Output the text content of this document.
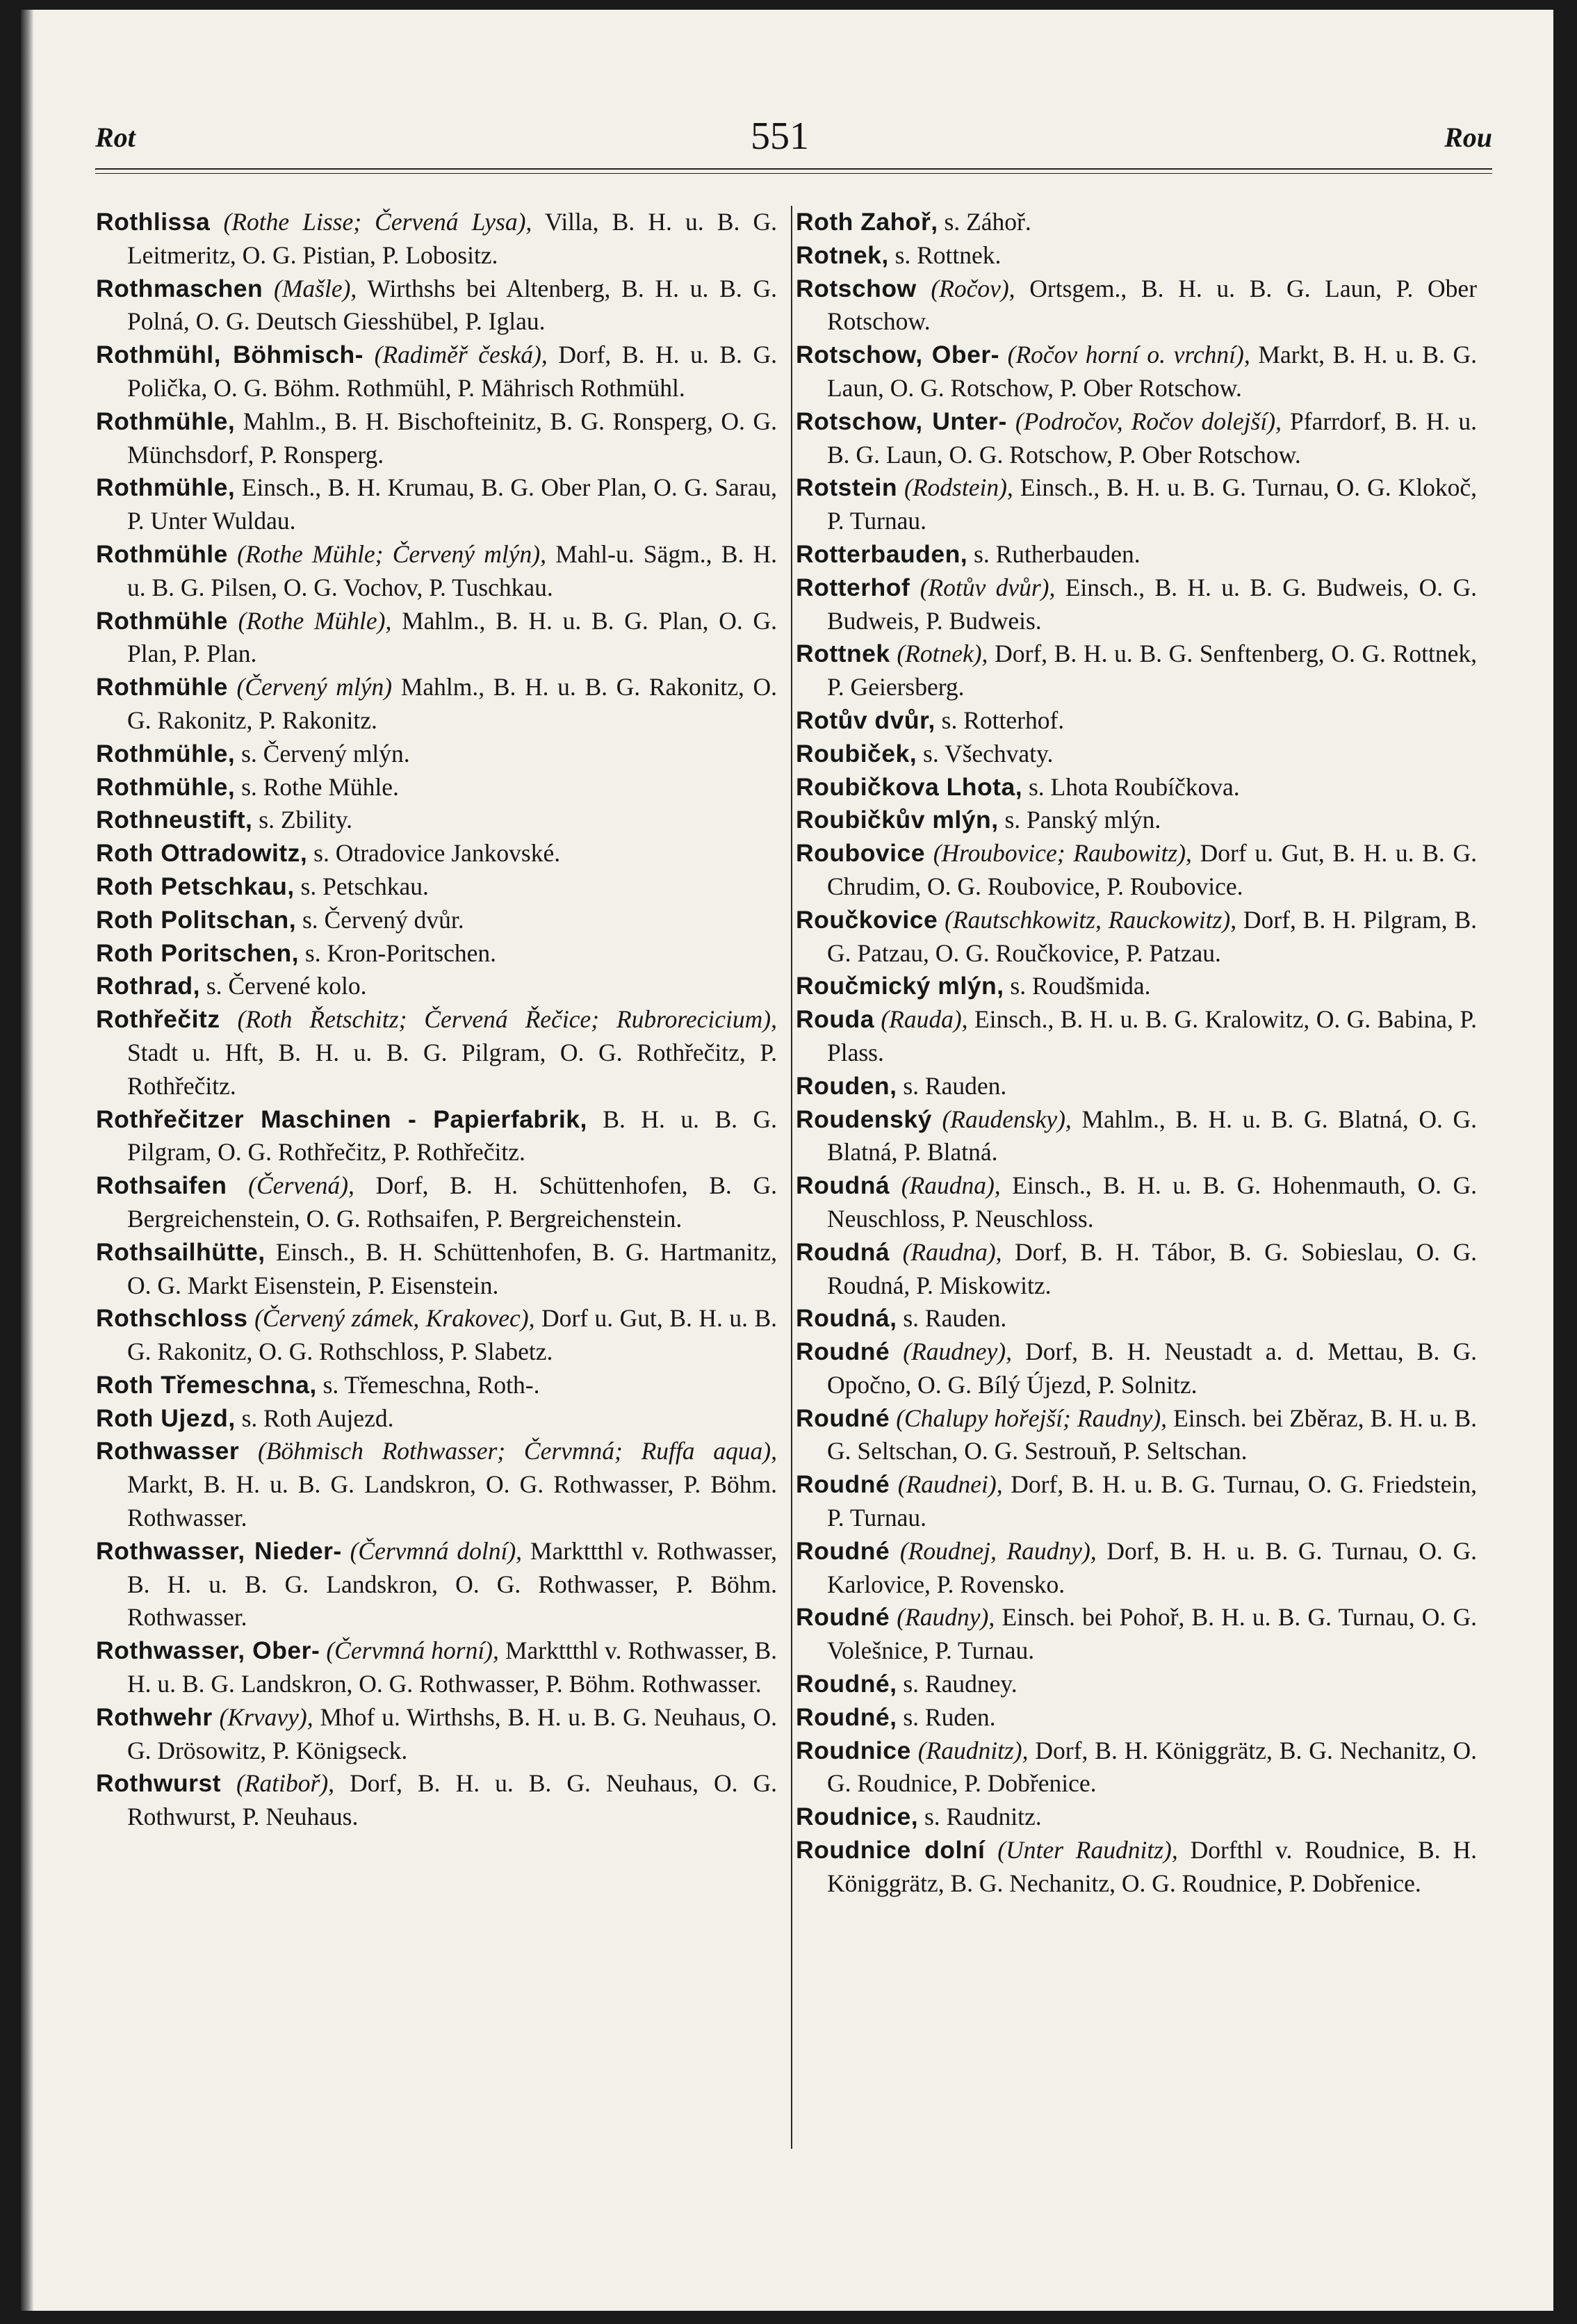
Rot	551	Rou
Rothlissa (Rothe Lisse; Červená Lysa), Villa, B. H. u. B. G. Leitmeritz, O. G. Pistian, P. Lobositz.
Rothmaschen (Mašle), Wirthshs bei Altenberg, B. H. u. B. G. Polná, O. G. Deutsch Giesshübel, P. Iglau.
Rothmühl, Böhmisch- (Radiměř česká), Dorf, B. H. u. B. G. Polička, O. G. Böhm. Rothmühl, P. Mährisch Rothmühl.
Rothmühle, Mahlm., B. H. Bischofteinitz, B. G. Ronsperg, O. G. Münchsdorf, P. Ronsperg.
Rothmühle, Einsch., B. H. Krumau, B. G. Ober Plan, O. G. Sarau, P. Unter Wuldau.
Rothmühle (Rothe Mühle; Červený mlýn), Mahl-u. Sägm., B. H. u. B. G. Pilsen, O. G. Vochov, P. Tuschkau.
Rothmühle (Rothe Mühle), Mahlm., B. H. u. B. G. Plan, O. G. Plan, P. Plan.
Rothmühle (Červený mlýn) Mahlm., B. H. u. B. G. Rakonitz, O. G. Rakonitz, P. Rakonitz.
Rothmühle, s. Červený mlýn.
Rothmühle, s. Rothe Mühle.
Rothneustift, s. Zbility.
Roth Ottradowitz, s. Otradovice Jankovské.
Roth Petschkau, s. Petschkau.
Roth Politschan, s. Červený dvůr.
Roth Poritschen, s. Kron-Poritschen.
Rothrad, s. Červené kolo.
Rothřečitz (Roth Řetschitz; Červená Řečice; Rubrorecicium), Stadt u. Hft, B. H. u. B. G. Pilgram, O. G. Rothřečitz, P. Rothřečitz.
Rothřečitzer Maschinen - Papierfabrik, B. H. u. B. G. Pilgram, O. G. Rothřečitz, P. Rothřečitz.
Rothsaifen (Červená), Dorf, B. H. Schüttenhofen, B. G. Bergreichenstein, O. G. Rothsaifen, P. Bergreichenstein.
Rothsailhütte, Einsch., B. H. Schüttenhofen, B. G. Hartmanitz, O. G. Markt Eisenstein, P. Eisenstein.
Rothschloss (Červený zámek, Krakovec), Dorf u. Gut, B. H. u. B. G. Rakonitz, O. G. Rothschloss, P. Slabetz.
Roth Třemeschna, s. Třemeschna, Roth-.
Roth Ujezd, s. Roth Aujezd.
Rothwasser (Böhmisch Rothwasser; Červmná; Ruffa aqua), Markt, B. H. u. B. G. Landskron, O. G. Rothwasser, P. Böhm. Rothwasser.
Rothwasser, Nieder- (Červmná dolní), Markttthl v. Rothwasser, B. H. u. B. G. Landskron, O. G. Rothwasser, P. Böhm. Rothwasser.
Rothwasser, Ober- (Červmná horní), Markttthl v. Rothwasser, B. H. u. B. G. Landskron, O. G. Rothwasser, P. Böhm. Rothwasser.
Rothwehr (Krvavy), Mhof u. Wirthshs, B. H. u. B. G. Neuhaus, O. G. Drösowitz, P. Königseck.
Rothwurst (Ratiboř), Dorf, B. H. u. B. G. Neuhaus, O. G. Rothwurst, P. Neuhaus.
Roth Zahoř, s. Záhoř.
Rotnek, s. Rottnek.
Rotschow (Ročov), Ortsgem., B. H. u. B. G. Laun, P. Ober Rotschow.
Rotschow, Ober- (Ročov horní o. vrchní), Markt, B. H. u. B. G. Laun, O. G. Rotschow, P. Ober Rotschow.
Rotschow, Unter- (Področov, Ročov dolejší), Pfarrdorf, B. H. u. B. G. Laun, O. G. Rotschow, P. Ober Rotschow.
Rotstein (Rodstein), Einsch., B. H. u. B. G. Turnau, O. G. Klokoč, P. Turnau.
Rotterbauden, s. Rutherbauden.
Rotterhof (Rotův dvůr), Einsch., B. H. u. B. G. Budweis, O. G. Budweis, P. Budweis.
Rottnek (Rotnek), Dorf, B. H. u. B. G. Senftenberg, O. G. Rottnek, P. Geiersberg.
Rotův dvůr, s. Rotterhof.
Roubiček, s. Všechvaty.
Roubičkova Lhota, s. Lhota Roubíčkova.
Roubičkův mlýn, s. Panský mlýn.
Roubovice (Hroubovice; Raubowitz), Dorf u. Gut, B. H. u. B. G. Chrudim, O. G. Roubovice, P. Roubovice.
Roučkovice (Rautschkowitz, Rauckowitz), Dorf, B. H. Pilgram, B. G. Patzau, O. G. Roučkovice, P. Patzau.
Roučmický mlýn, s. Roudšmida.
Rouda (Rauda), Einsch., B. H. u. B. G. Kralowitz, O. G. Babina, P. Plass.
Rouden, s. Rauden.
Roudenský (Raudensky), Mahlm., B. H. u. B. G. Blatná, O. G. Blatná, P. Blatná.
Roudná (Raudna), Einsch., B. H. u. B. G. Hohenmauth, O. G. Neuschloss, P. Neuschloss.
Roudná (Raudna), Dorf, B. H. Tábor, B. G. Sobieslau, O. G. Roudná, P. Miskowitz.
Roudná, s. Rauden.
Roudné (Raudney), Dorf, B. H. Neustadt a. d. Mettau, B. G. Opočno, O. G. Bílý Újezd, P. Solnitz.
Roudné (Chalupy hořejší; Raudny), Einsch. bei Zběraz, B. H. u. B. G. Seltschan, O. G. Sestrouň, P. Seltschan.
Roudné (Raudnei), Dorf, B. H. u. B. G. Turnau, O. G. Friedstein, P. Turnau.
Roudné (Roudnej, Raudny), Dorf, B. H. u. B. G. Turnau, O. G. Karlovice, P. Rovensko.
Roudné (Raudny), Einsch. bei Pohoř, B. H. u. B. G. Turnau, O. G. Volešnice, P. Turnau.
Roudné, s. Raudney.
Roudné, s. Ruden.
Roudnice (Raudnitz), Dorf, B. H. Königgrätz, B. G. Nechanitz, O. G. Roudnice, P. Dobřenice.
Roudnice, s. Raudnitz.
Roudnice dolní (Unter Raudnitz), Dorfthl v. Roudnice, B. H. Königgrätz, B. G. Nechanitz, O. G. Roudnice, P. Dobřenice.
